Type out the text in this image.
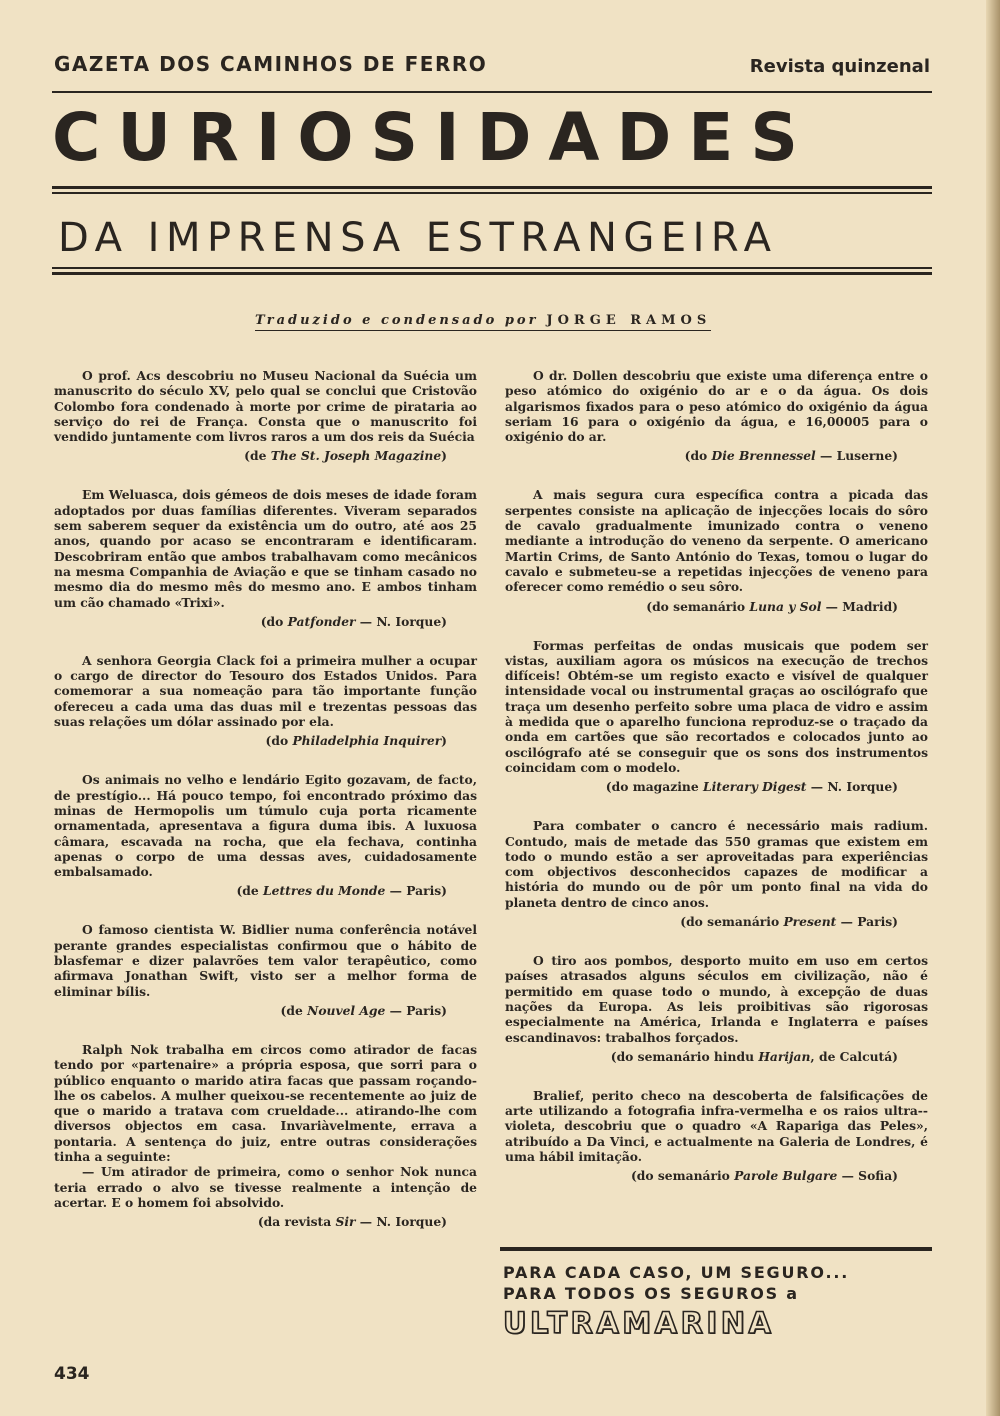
GAZETA DOS CAMINHOS DE FERRO	Revista quinzenal
CURIOSIDADES
DA IMPRENSA ESTRANGEIRA
Traduzido e condensado por JORGE RAMOS

O prof. Acs descobriu no Museu Nacional da Suécia um manuscrito do século XV, pelo qual se conclui que Cristovão Colombo fora condenado à morte por crime de pirataria ao serviço do rei de França. Consta que o manuscrito foi vendido juntamente com livros raros a um dos reis da Suécia

(de The St. Joseph Magazine)

Em Weluasca, dois gémeos de dois meses de idade foram adoptados por duas famílias diferentes. Viveram separados sem saberem sequer da existência um do outro, até aos 25 anos, quando por acaso se encontraram e identificaram. Descobriram então que ambos trabalhavam como mecânicos na mesma Companhia de Aviação e que se tinham casado no mesmo dia do mesmo mês do mesmo ano. E ambos tinham um cão chamado «Trixi».

(do Patfonder — N. Iorque)

A senhora Georgia Clack foi a primeira mulher a ocupar o cargo de director do Tesouro dos Estados Unidos. Para comemorar a sua nomeação para tão importante função ofereceu a cada uma das duas mil e trezentas pessoas das suas relações um dólar assinado por ela.

(do Philadelphia Inquirer)

Os animais no velho e lendário Egito gozavam, de facto, de prestígio... Há pouco tempo, foi encontrado próximo das minas de Hermopolis um túmulo cuja porta ricamente ornamentada, apresentava a figura duma ibis. A luxuosa câmara, escavada na rocha, que ela fechava, continha apenas o corpo de uma dessas aves, cuidadosamente embalsamado.

(de Lettres du Monde — Paris)

O famoso cientista W. Bidlier numa conferência notável perante grandes especialistas confirmou que o hábito de blasfemar e dizer palavrões tem valor terapêutico, como afirmava Jonathan Swift, visto ser a melhor forma de eliminar bílis.

(de Nouvel Age — Paris)

Ralph Nok trabalha em circos como atirador de facas tendo por «partenaire» a própria esposa, que sorri para o público enquanto o marido atira facas que passam roçando-lhe os cabelos. A mulher queixou-se recentemente ao juiz de que o marido a tratava com crueldade... atirando-lhe com diversos objectos em casa. Invariàvelmente, errava a pontaria. A sentença do juiz, entre outras considerações tinha a seguinte:

— Um atirador de primeira, como o senhor Nok nunca teria errado o alvo se tivesse realmente a intenção de acertar. E o homem foi absolvido.

(da revista Sir — N. Iorque)

O dr. Dollen descobriu que existe uma diferença entre o peso atómico do oxigénio do ar e o da água. Os dois algarismos fixados para o peso atómico do oxigénio da água seriam 16 para o oxigénio da água, e 16,00005 para o oxigénio do ar.

(do Die Brennessel — Luserne)

A mais segura cura específica contra a picada das serpentes consiste na aplicação de injecções locais do sôro de cavalo gradualmente imunizado contra o veneno mediante a introdução do veneno da serpente. O americano Martin Crims, de Santo António do Texas, tomou o lugar do cavalo e submeteu-se a repetidas injecções de veneno para oferecer como remédio o seu sôro.

(do semanário Luna y Sol — Madrid)

Formas perfeitas de ondas musicais que podem ser vistas, auxiliam agora os músicos na execução de trechos difíceis! Obtém-se um registo exacto e visível de qualquer intensidade vocal ou instrumental graças ao oscilógrafo que traça um desenho perfeito sobre uma placa de vidro e assim à medida que o aparelho funciona reproduz-se o traçado da onda em cartões que são recortados e colocados junto ao oscilógrafo até se conseguir que os sons dos instrumentos coincidam com o modelo.

(do magazine Literary Digest — N. Iorque)

Para combater o cancro é necessário mais radium. Contudo, mais de metade das 550 gramas que existem em todo o mundo estão a ser aproveitadas para experiências com objectivos desconhecidos capazes de modificar a história do mundo ou de pôr um ponto final na vida do planeta dentro de cinco anos.

(do semanário Present — Paris)

O tiro aos pombos, desporto muito em uso em certos países atrasados alguns séculos em civilização, não é permitido em quase todo o mundo, à excepção de duas nações da Europa. As leis proibitivas são rigorosas especialmente na América, Irlanda e Inglaterra e países escandinavos: trabalhos forçados.

(do semanário hindu Harijan, de Calcutá)

Bralief, perito checo na descoberta de falsificações de arte utilizando a fotografia infra-vermelha e os raios ultra--violeta, descobriu que o quadro «A Rapariga das Peles», atribuído a Da Vinci, e actualmente na Galeria de Londres, é uma hábil imitação.

(do semanário Parole Bulgare — Sofia)

PARA CADA CASO, UM SEGURO...
PARA TODOS OS SEGUROS a
ULTRAMARINA
434
